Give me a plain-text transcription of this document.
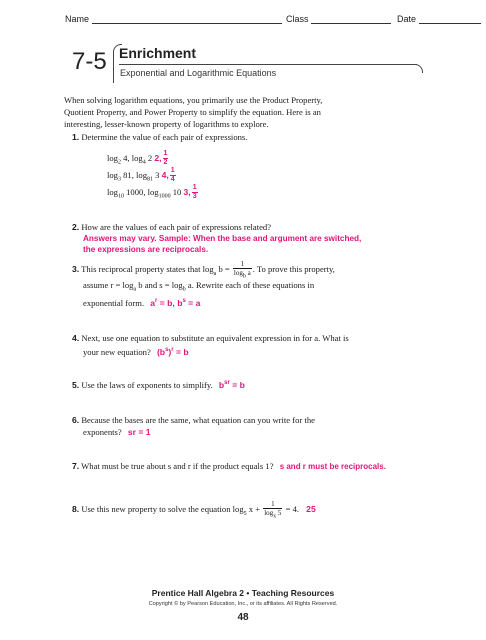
Name	Class	Date
7-5 Enrichment
Exponential and Logarithmic Equations
When solving logarithm equations, you primarily use the Product Property,
Quotient Property, and Power Property to simplify the equation. Here is an
interesting, lesser-known property of logarithms to explore.
1. Determine the value of each pair of expressions.
$\log_2 4$, $\log_4 2$ 2, $\frac{1}{2}$
$\log_3 81$, $\log_{81} 3$ 4, $\frac{1}{4}$
$\log_{10} 1000$, $\log_{1000} 10$ 3, $\frac{1}{3}$
2. How are the values of each pair of expressions related?
Answers may vary. Sample: When the base and argument are switched,
the expressions are reciprocals.
3. This reciprocal property states that $\log_a b = \frac{1}{\log_b a}$ . To prove this property,
assume $r = \log_a b$ and $s = \log_b a$. Rewrite each of these equations in
exponential form. $a^r = b$, $b^s = a$
4. Next, use one equation to substitute an equivalent expression in for a. What is
your new equation? $(b^s)^r = b$
5. Use the laws of exponents to simplify. $b^{sr} = b$
6. Because the bases are the same, what equation can you write for the
exponents? sr = 1
7. What must be true about s and r if the product equals 1? s and r must be reciprocals.
8. Use this new property to solve the equation $\log_5 x + \frac{1}{\log_x 5} = 4$. 25
Prentice Hall Algebra 2 • Teaching Resources
Copyright © by Pearson Education, Inc., or its affiliates. All Rights Reserved.
48
